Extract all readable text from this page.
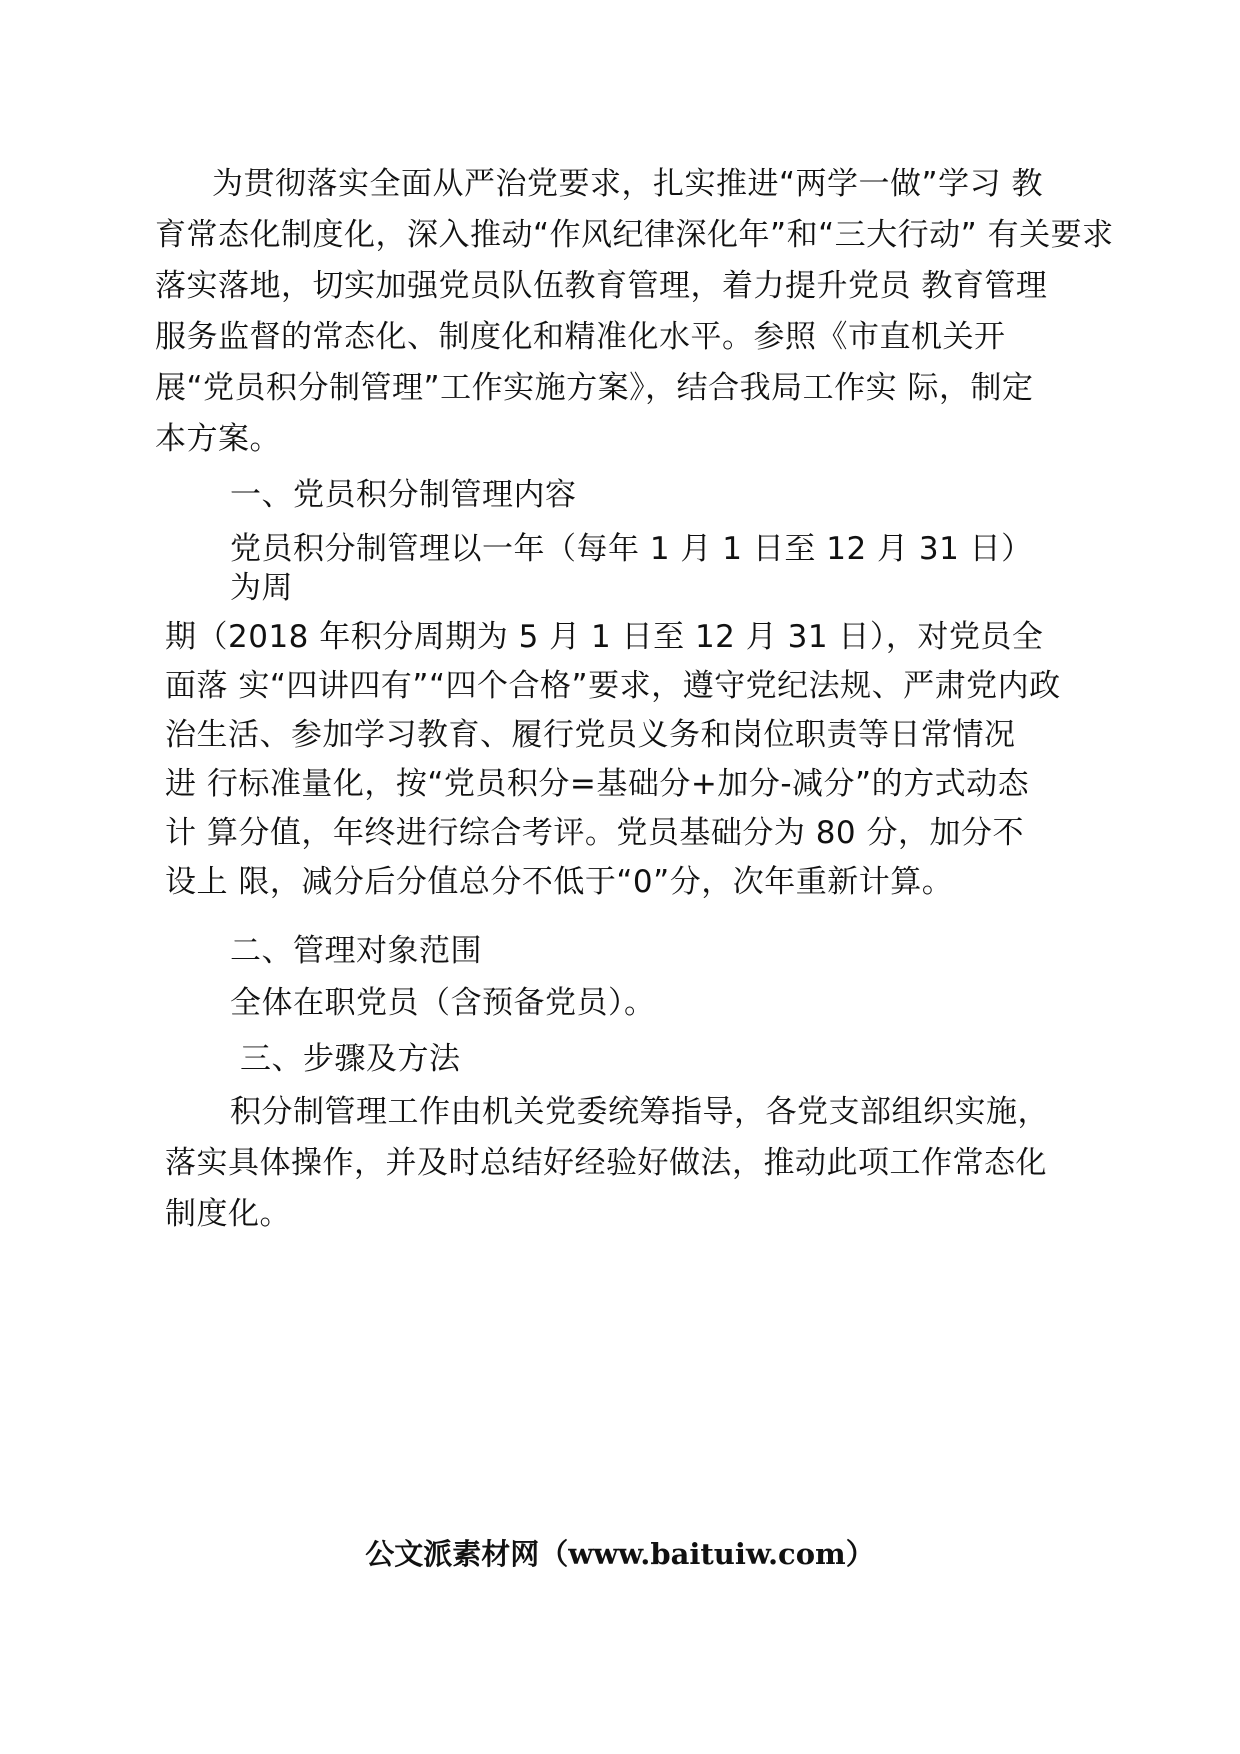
为贯彻落实全面从严治党要求，扎实推进“两学一做”学习 教
育常态化制度化，深入推动“作风纪律深化年”和“三大行动” 有关要求
落实落地，切实加强党员队伍教育管理，着力提升党员 教育管理
服务监督的常态化、制度化和精准化水平。参照《市直机关开
展“党员积分制管理”工作实施方案》，结合我局工作实 际，制定
本方案。
一、党员积分制管理内容
党员积分制管理以一年（每年 1 月 1 日至 12 月 31 日）
为周
期（2018 年积分周期为 5 月 1 日至 12 月 31 日），对党员全
面落 实“四讲四有”“四个合格”要求，遵守党纪法规、严肃党内政
治生活、参加学习教育、履行党员义务和岗位职责等日常情况
进 行标准量化，按“党员积分=基础分+加分-减分”的方式动态
计 算分值，年终进行综合考评。党员基础分为 80 分，加分不
设上 限，减分后分值总分不低于“0”分，次年重新计算。
二、管理对象范围
全体在职党员（含预备党员）。
三、步骤及方法
积分制管理工作由机关党委统筹指导，各党支部组织实施，
落实具体操作，并及时总结好经验好做法，推动此项工作常态化
制度化。
公文派素材网（www.baitui​w.com）
